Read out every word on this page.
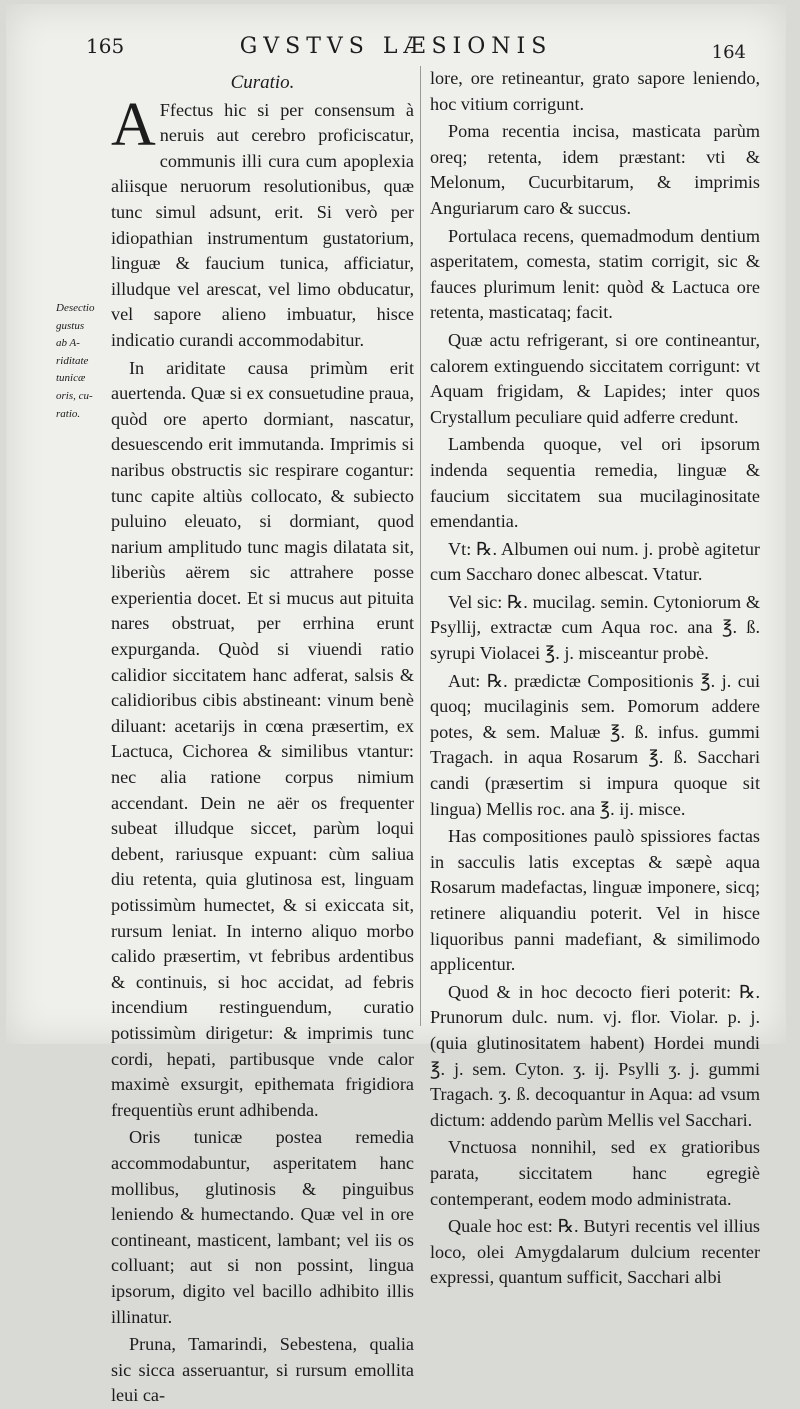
165	GVSTVS LÆSIONIS	164
Desectio
gustus
ab A-
riditate
tunicæ
oris, cu-
ratio.
Curatio.

A Ffectus hic si per consensum à neruis aut cerebro proficiscatur, communis illi cura cum apoplexia aliisque neruorum resolutionibus, quæ tunc simul adsunt, erit. Si verò per idiopathian instrumentum gustatorium, linguæ & faucium tunica, afficiatur, illudque vel arescat, vel limo obducatur, vel sapore alieno imbuatur, hisce indicatio curandi accommodabitur.

In ariditate causa primùm erit auertenda. Quæ si ex consuetudine praua, quòd ore aperto dormiant, nascatur, desuescendo erit immutanda. Imprimis si naribus obstructis sic respirare cogantur: tunc capite altiùs collocato, & subiecto puluino eleuato, si dormiant, quod narium amplitudo tunc magis dilatata sit, liberiùs aërem sic attrahere posse experientia docet. Et si mucus aut pituita nares obstruat, per errhina erunt expurganda. Quòd si viuendi ratio calidior siccitatem hanc adferat, salsis & calidioribus cibis abstineant: vinum benè diluant: acetarijs in cœna præsertim, ex Lactuca, Cichorea & similibus vtantur: nec alia ratione corpus nimium accendant. Dein ne aër os frequenter subeat illudque siccet, parùm loqui debent, rariusque expuant: cùm saliua diu retenta, quia glutinosa est, linguam potissimùm humectet, & si exiccata sit, rursum leniat. In interno aliquo morbo calido præsertim, vt febribus ardentibus & continuis, si hoc accidat, ad febris incendium restinguendum, curatio potissimùm dirigetur: & imprimis tunc cordi, hepati, partibusque vnde calor maximè exsurgit, epithemata frigidiora frequentiùs erunt adhibenda.

Oris tunicæ postea remedia accommodabuntur, asperitatem hanc mollibus, glutinosis & pinguibus leniendo & humectando. Quæ vel in ore contineant, masticent, lambant; vel iis os colluant; aut si non possint, lingua ipsorum, digito vel bacillo adhibito illis illinatur.

Pruna, Tamarindi, Sebestena, qualia sic sicca asseruantur, si rursum emollita leui ca-

lore, ore retineantur, grato sapore leniendo, hoc vitium corrigunt.

Poma recentia incisa, masticata parùm oreq; retenta, idem præstant: vti & Melonum, Cucurbitarum, & imprimis Anguriarum caro & succus.

Portulaca recens, quemadmodum dentium asperitatem, comesta, statim corrigit, sic & fauces plurimum lenit: quòd & Lactuca ore retenta, masticataq; facit.

Quæ actu refrigerant, si ore contineantur, calorem extinguendo siccitatem corrigunt: vt Aquam frigidam, & Lapides; inter quos Crystallum peculiare quid adferre credunt.

Lambenda quoque, vel ori ipsorum indenda sequentia remedia, linguæ & faucium siccitatem sua mucilaginositate emendantia.

Vt: ℞. Albumen oui num. j. probè agitetur cum Saccharo donec albescat. Vtatur.

Vel sic: ℞. mucilag. semin. Cytoniorum & Psyllij, extractæ cum Aqua rос. ana ℥. ß. syrupi Violacei ℥. j. misceantur probè.

Aut: ℞. prædictæ Compositionis ℥. j. cui quoq; mucilaginis sem. Pomorum addere potes, & sem. Maluæ ℥. ß. infus. gummi Tragach. in aqua Rosarum ℥. ß. Sacchari candi (præsertim si impura quoque sit lingua) Mellis rос. ana ℥. ij. misce.

Has compositiones paulò spissiores factas in sacculis latis exceptas & sæpè aqua Rosarum madefactas, linguæ imponere, sicq; retinere aliquandiu poterit. Vel in hisce liquoribus panni madefiant, & similimodo applicentur.

Quod & in hoc decocto fieri poterit: ℞. Prunorum dulc. num. vj. flor. Violar. p. j. (quia glutinositatem habent) Hordei mundi ℥. j. sem. Cyton. ʒ. ij. Psylli ʒ. j. gummi Tragach. ʒ. ß. decoquantur in Aqua: ad vsum dictum: addendo parùm Mellis vel Sacchari.

Vnctuosa nonnihil, sed ex gratioribus parata, siccitatem hanc egregiè contemperant, eodem modo administrata.

Quale hoc est: ℞. Butyri recentis vel illius loco, olei Amygdalarum dulcium recenter expressi, quantum sufficit, Sacchari albi
